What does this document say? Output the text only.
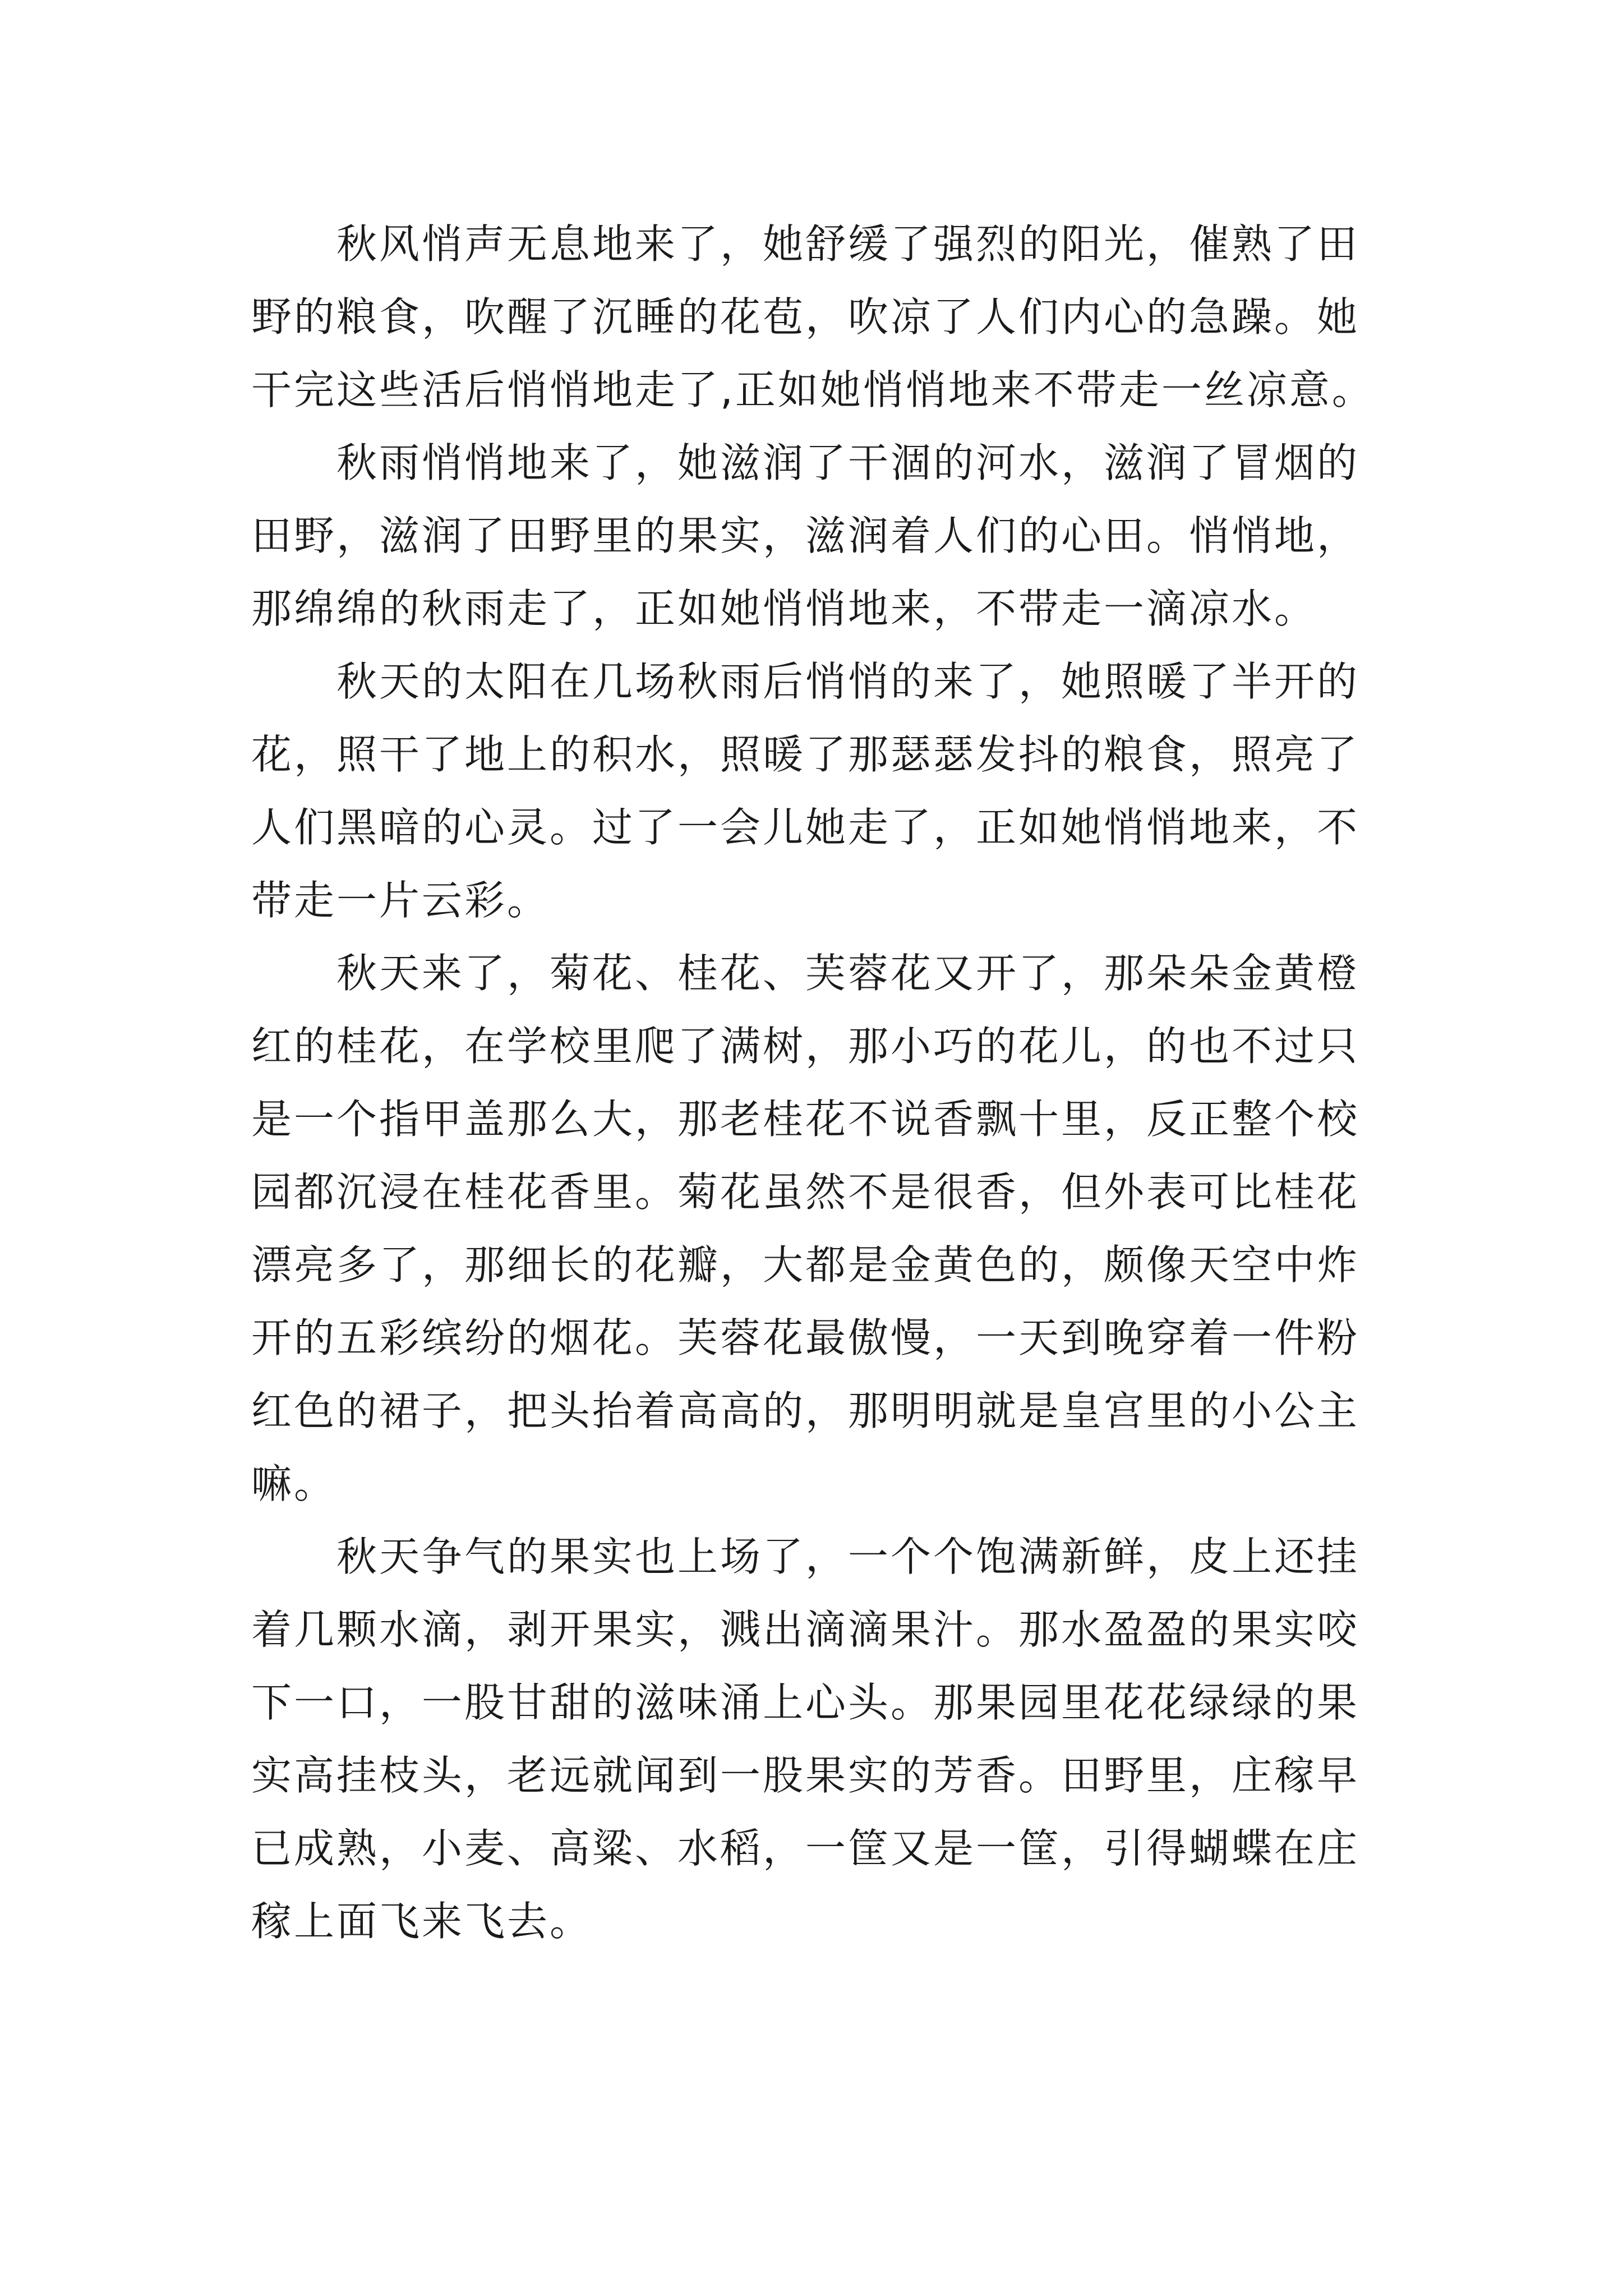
秋风悄声无息地来了，她舒缓了强烈的阳光，催熟了田
野的粮食，吹醒了沉睡的花苞，吹凉了人们内心的急躁。她
干完这些活后悄悄地走了,正如她悄悄地来不带走一丝凉意。
秋雨悄悄地来了，她滋润了干涸的河水，滋润了冒烟的
田野，滋润了田野里的果实，滋润着人们的心田。悄悄地，
那绵绵的秋雨走了，正如她悄悄地来，不带走一滴凉水。
秋天的太阳在几场秋雨后悄悄的来了，她照暖了半开的
花，照干了地上的积水，照暖了那瑟瑟发抖的粮食，照亮了
人们黑暗的心灵。过了一会儿她走了，正如她悄悄地来，不
带走一片云彩。
秋天来了，菊花、桂花、芙蓉花又开了，那朵朵金黄橙
红的桂花，在学校里爬了满树，那小巧的花儿，的也不过只
是一个指甲盖那么大，那老桂花不说香飘十里，反正整个校
园都沉浸在桂花香里。菊花虽然不是很香，但外表可比桂花
漂亮多了，那细长的花瓣，大都是金黄色的，颇像天空中炸
开的五彩缤纷的烟花。芙蓉花最傲慢，一天到晚穿着一件粉
红色的裙子，把头抬着高高的，那明明就是皇宫里的小公主
嘛。
秋天争气的果实也上场了，一个个饱满新鲜，皮上还挂
着几颗水滴，剥开果实，溅出滴滴果汁。那水盈盈的果实咬
下一口，一股甘甜的滋味涌上心头。那果园里花花绿绿的果
实高挂枝头，老远就闻到一股果实的芳香。田野里，庄稼早
已成熟，小麦、高粱、水稻，一筐又是一筐，引得蝴蝶在庄
稼上面飞来飞去。
